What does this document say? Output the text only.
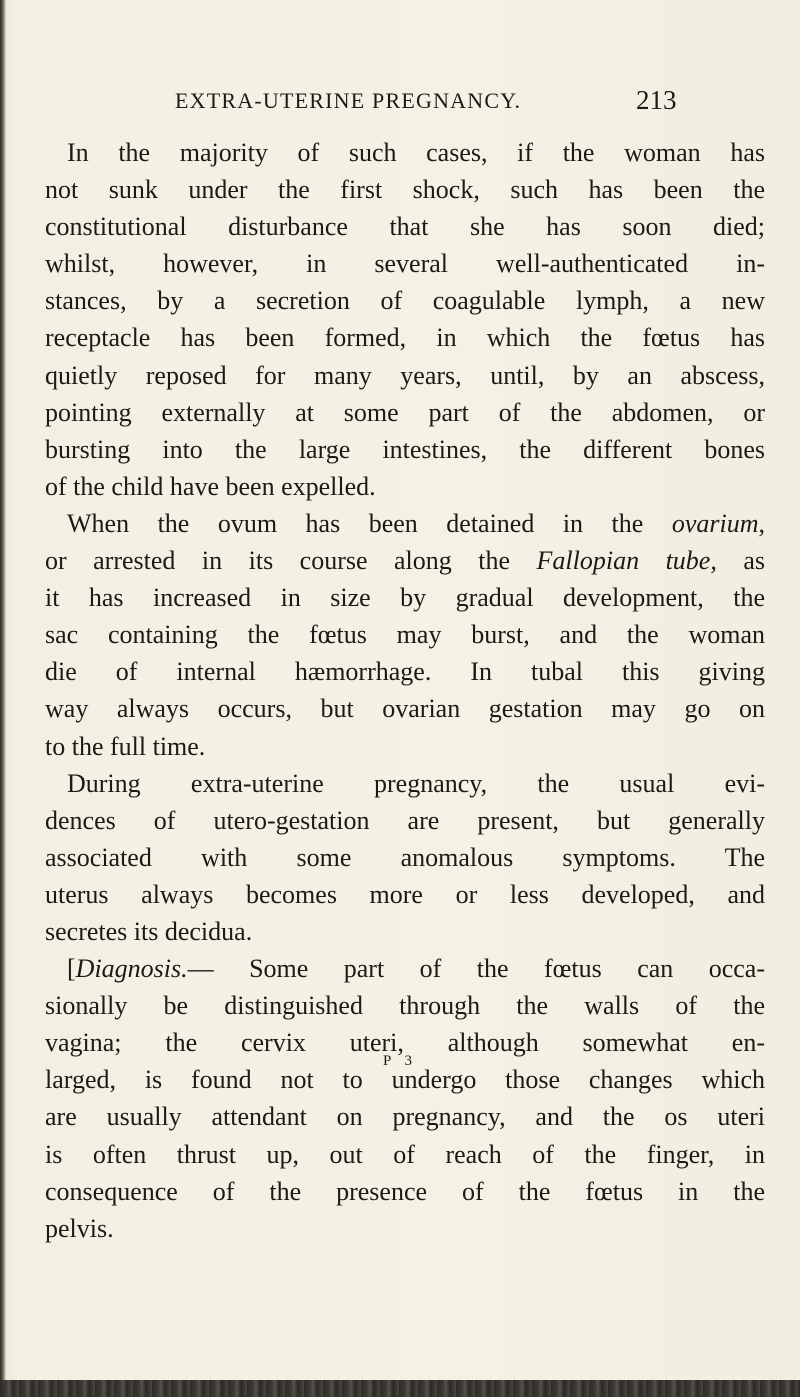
EXTRA-UTERINE PREGNANCY.	213
In the majority of such cases, if the woman has
not sunk under the first shock, such has been the
constitutional disturbance that she has soon died;
whilst, however, in several well-authenticated in-
stances, by a secretion of coagulable lymph, a new
receptacle has been formed, in which the fœtus has
quietly reposed for many years, until, by an abscess,
pointing externally at some part of the abdomen, or
bursting into the large intestines, the different bones
of the child have been expelled.
When the ovum has been detained in the ovarium,
or arrested in its course along the Fallopian tube, as
it has increased in size by gradual development, the
sac containing the fœtus may burst, and the woman
die of internal hæmorrhage. In tubal this giving
way always occurs, but ovarian gestation may go on
to the full time.
During extra-uterine pregnancy, the usual evi-
dences of utero-gestation are present, but generally
associated with some anomalous symptoms. The
uterus always becomes more or less developed, and
secretes its decidua.
[Diagnosis.— Some part of the fœtus can occa-
sionally be distinguished through the walls of the
vagina; the cervix uteri, although somewhat en-
larged, is found not to undergo those changes which
are usually attendant on pregnancy, and the os uteri
is often thrust up, out of reach of the finger, in
consequence of the presence of the fœtus in the
pelvis.
P 3
